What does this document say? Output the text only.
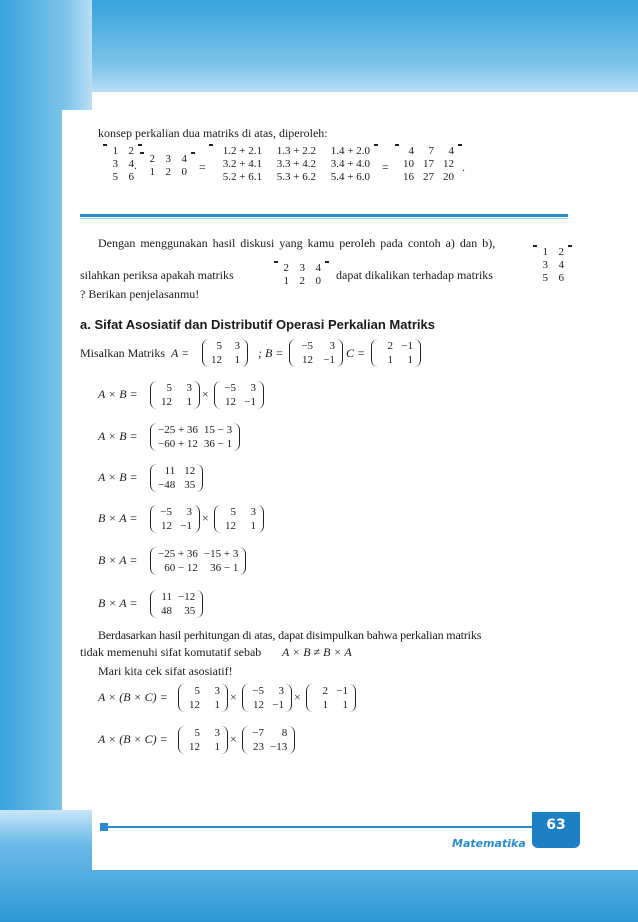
konsep perkalian dua matriks di atas, diperoleh:
1	2
3	4
5	6
. 2	3	4
1	2	0 =
1.2 + 2.1	1.3 + 2.2	1.4 + 2.0
3.2 + 4.1	3.3 + 4.2	3.4 + 4.0
5.2 + 6.1	5.3 + 6.2	5.4 + 6.0
=
4	7	4
10	17	12
16	27	20
.
Dengan menggunakan hasil diskusi yang kamu peroleh pada contoh a) dan b),
silahkan periksa apakah matriks	dapat dikalikan terhadap matriks
? Berikan penjelasanmu!
2	3	4
1	2	0
1	2
3	4
5	6
a. Sifat Asosiatif dan Distributif Operasi Perkalian Matriks
Misalkan Matriks A =	; B =	C =
5	3
12	1
−5	3
12	−1
2	−1
1	1
A × B =	5	3
12	1
× −5	3
12	−1
A × B = −25 + 36	15 − 3
−60 + 12	36 − 1
A × B = 11	12
−48	35
B × A = −5	3
12	−1
× 5	3
12	1
B × A = −25 + 36	−15 + 3
60 − 12	36 − 1
B × A = 11	−12
48	35
Berdasarkan hasil perhitungan di atas, dapat disimpulkan bahwa perkalian matriks
tidak memenuhi sifat komutatif sebab A × B ≠ B × A
Mari kita cek sifat asosiatif!
A × (B × C) = 5	3
12	1
× −5	3
12	−1
× 2	−1
1	1
A × (B × C) = 5	3
12	1
× −7	8
23	−13
Matematika
63
